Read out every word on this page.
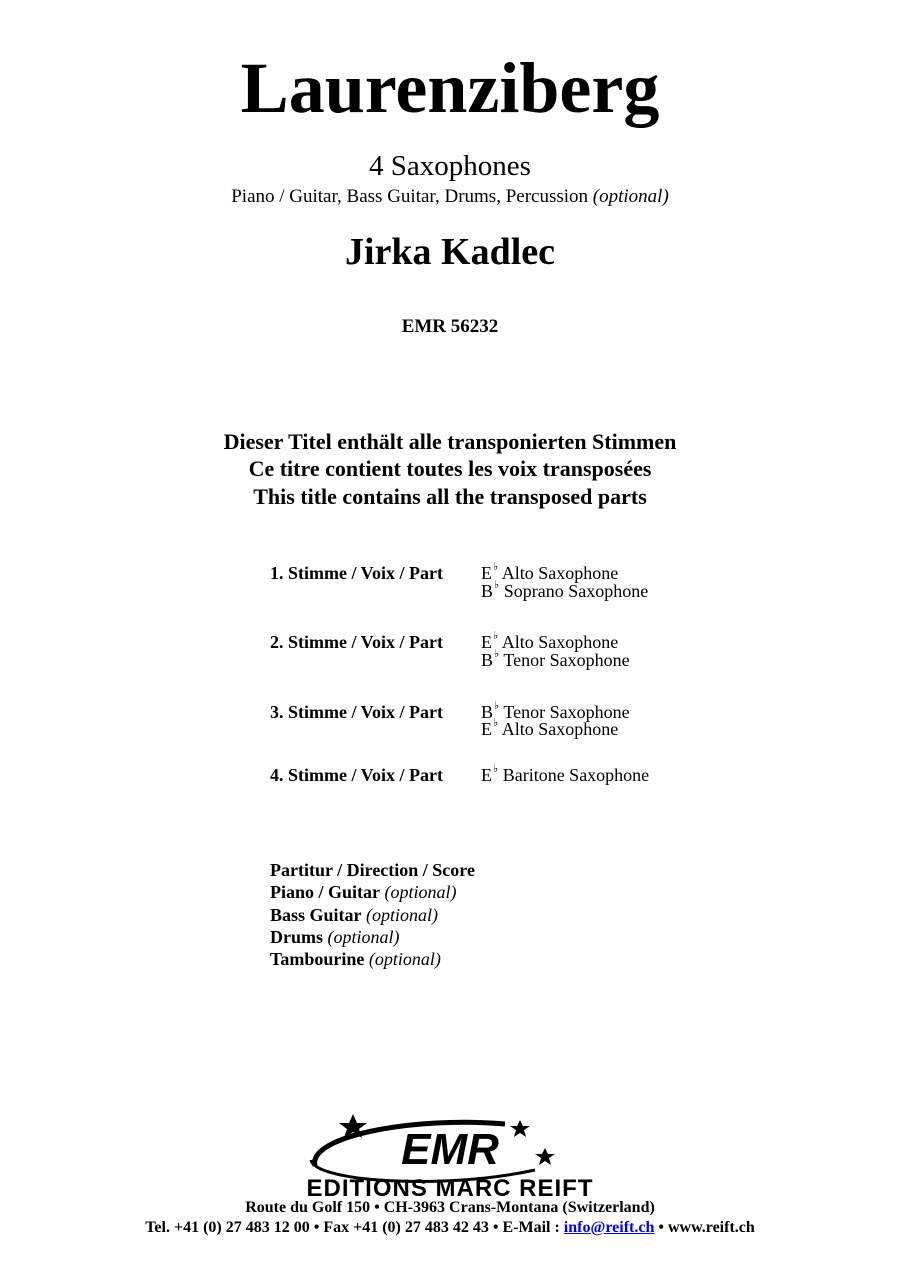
Laurenziberg
4 Saxophones
Piano / Guitar, Bass Guitar, Drums, Percussion (optional)
Jirka Kadlec
EMR 56232
Dieser Titel enthält alle transponierten Stimmen
Ce titre contient toutes les voix transposées
This title contains all the transposed parts
1. Stimme / Voix / Part E♭ Alto Saxophone
B♭ Soprano Saxophone
2. Stimme / Voix / Part E♭ Alto Saxophone
B♭ Tenor Saxophone
3. Stimme / Voix / Part B♭ Tenor Saxophone
E♭ Alto Saxophone
4. Stimme / Voix / Part E♭ Baritone Saxophone
Partitur / Direction / Score
Piano / Guitar (optional)
Bass Guitar (optional)
Drums (optional)
Tambourine (optional)
EMR
EDITIONS MARC REIFT
Route du Golf 150 • CH-3963 Crans-Montana (Switzerland)
Tel. +41 (0) 27 483 12 00 • Fax +41 (0) 27 483 42 43 • E-Mail : info@reift.ch • www.reift.ch
